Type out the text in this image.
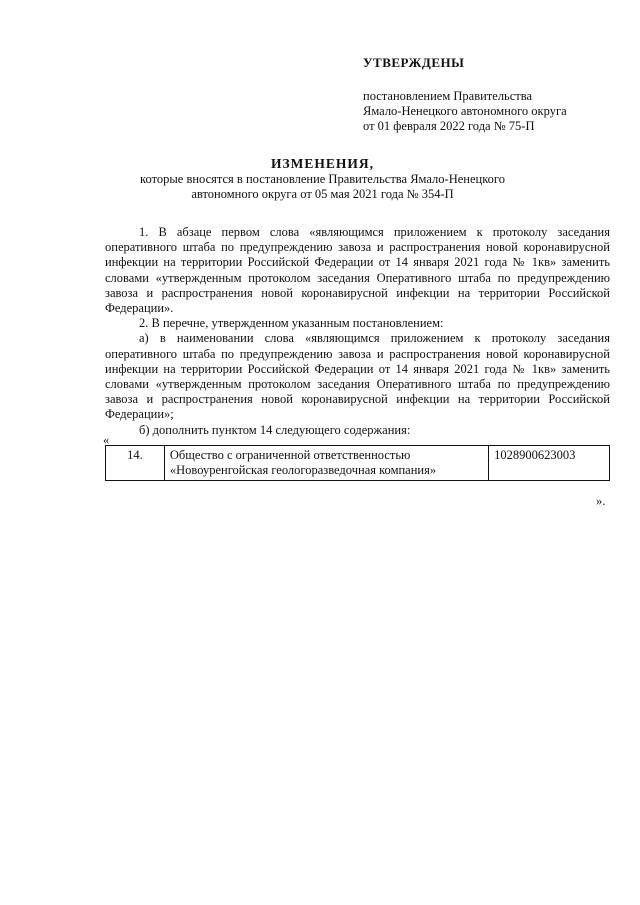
УТВЕРЖДЕНЫ
постановлением Правительства
Ямало-Ненецкого автономного округа
от 01 февраля 2022 года № 75-П
ИЗМЕНЕНИЯ,
которые вносятся в постановление Правительства Ямало-Ненецкого
автономного округа от 05 мая 2021 года № 354-П

1. В абзаце первом слова «являющимся приложением к протоколу заседания оперативного штаба по предупреждению завоза и распространения новой коронавирусной инфекции на территории Российской Федерации от 14 января 2021 года № 1кв» заменить словами «утвержденным протоколом заседания Оперативного штаба по предупреждению завоза и распространения новой коронавирусной инфекции на территории Российской Федерации».

2. В перечне, утвержденном указанным постановлением:

а) в наименовании слова «являющимся приложением к протоколу заседания оперативного штаба по предупреждению завоза и распространения новой коронавирусной инфекции на территории Российской Федерации от 14 января 2021 года № 1кв» заменить словами «утвержденным протоколом заседания Оперативного штаба по предупреждению завоза и распространения новой коронавирусной инфекции на территории Российской Федерации»;

б) дополнить пунктом 14 следующего содержания:

«
14.	Общество с ограниченной ответственностью «Новоуренгойская геологоразведочная компания»	1028900623003
».
